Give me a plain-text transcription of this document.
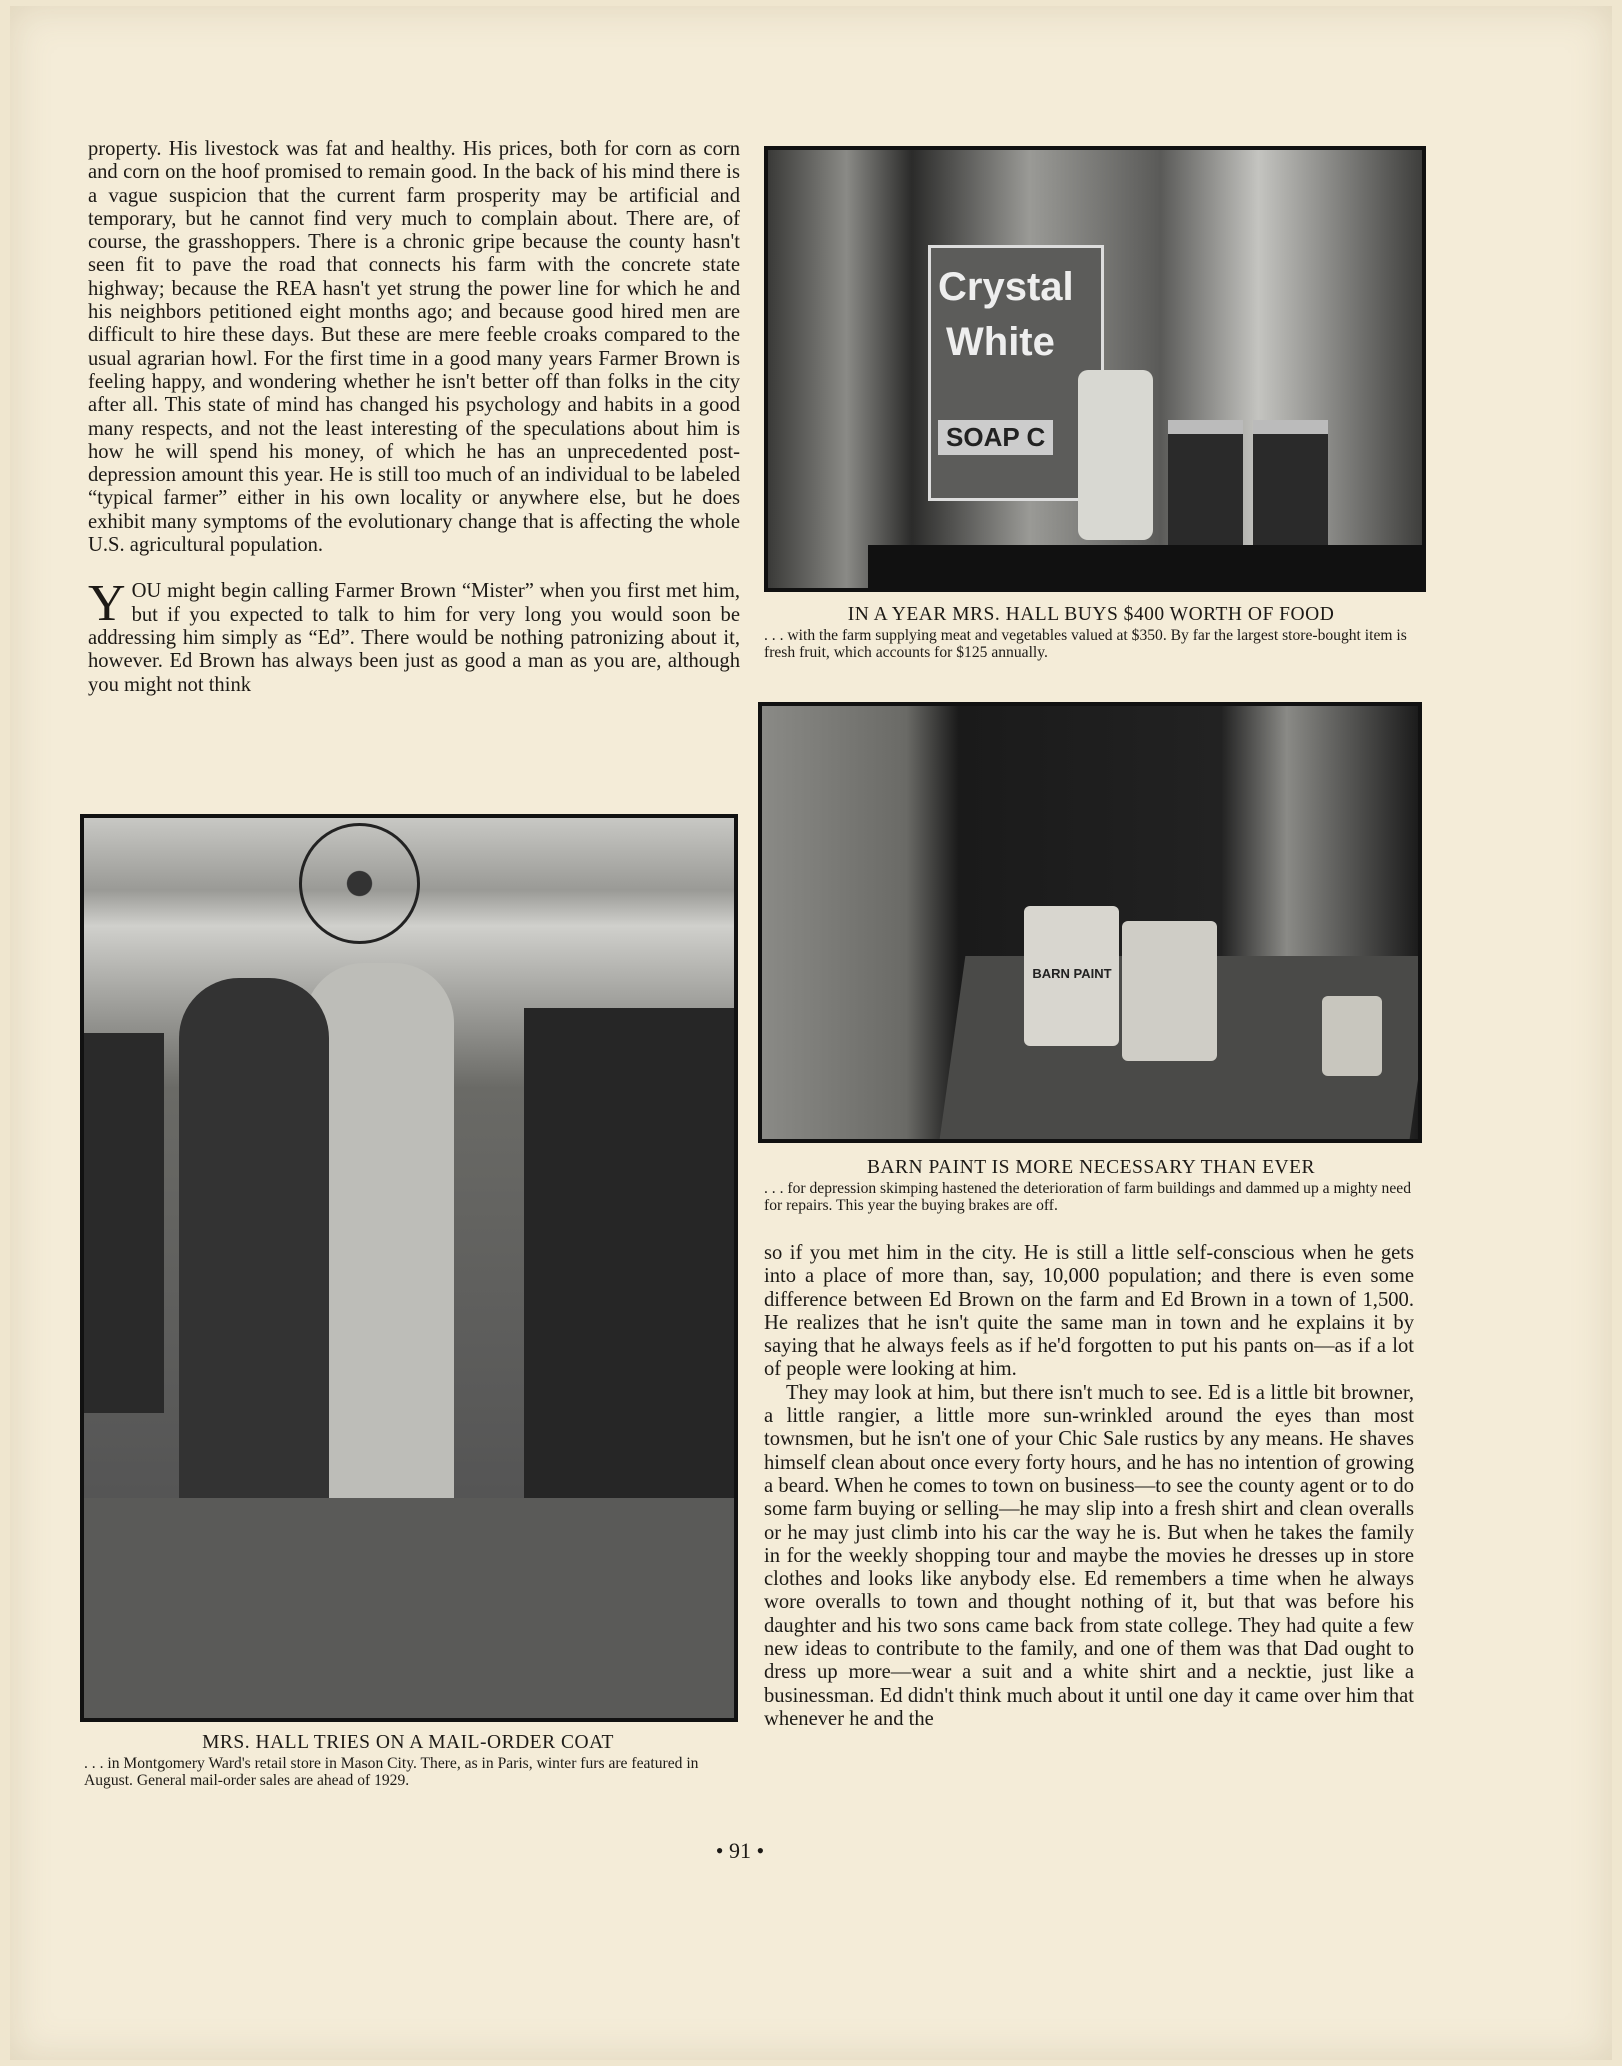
property. His livestock was fat and healthy. His prices, both for corn as corn and corn on the hoof promised to remain good. In the back of his mind there is a vague suspicion that the current farm prosperity may be artificial and temporary, but he cannot find very much to complain about. There are, of course, the grasshoppers. There is a chronic gripe because the county hasn't seen fit to pave the road that connects his farm with the concrete state highway; because the REA hasn't yet strung the power line for which he and his neighbors petitioned eight months ago; and because good hired men are difficult to hire these days. But these are mere feeble croaks compared to the usual agrarian howl. For the first time in a good many years Farmer Brown is feeling happy, and wondering whether he isn't better off than folks in the city after all. This state of mind has changed his psychology and habits in a good many respects, and not the least interesting of the speculations about him is how he will spend his money, of which he has an unprecedented post-depression amount this year. He is still too much of an individual to be labeled “typical farmer” either in his own locality or anywhere else, but he does exhibit many symptoms of the evolutionary change that is affecting the whole U.S. agricultural population.

YOU might begin calling Farmer Brown “Mister” when you first met him, but if you expected to talk to him for very long you would soon be addressing him simply as “Ed”. There would be nothing patronizing about it, however. Ed Brown has always been just as good a man as you are, although you might not think

Crystal
White
SOAP C
IN A YEAR MRS. HALL BUYS $400 WORTH OF FOOD
. . . with the farm supplying meat and vegetables valued at $350. By far the largest store-bought item is fresh fruit, which accounts for $125 annually.
BARN PAINT
BARN PAINT IS MORE NECESSARY THAN EVER
. . . for depression skimping hastened the deterioration of farm buildings and dammed up a mighty need for repairs. This year the buying brakes are off.

so if you met him in the city. He is still a little self-conscious when he gets into a place of more than, say, 10,000 population; and there is even some difference between Ed Brown on the farm and Ed Brown in a town of 1,500. He realizes that he isn't quite the same man in town and he explains it by saying that he always feels as if he'd forgotten to put his pants on—as if a lot of people were looking at him.

They may look at him, but there isn't much to see. Ed is a little bit browner, a little rangier, a little more sun-wrinkled around the eyes than most townsmen, but he isn't one of your Chic Sale rustics by any means. He shaves himself clean about once every forty hours, and he has no intention of growing a beard. When he comes to town on business—to see the county agent or to do some farm buying or selling—he may slip into a fresh shirt and clean overalls or he may just climb into his car the way he is. But when he takes the family in for the weekly shopping tour and maybe the movies he dresses up in store clothes and looks like anybody else. Ed remembers a time when he always wore overalls to town and thought nothing of it, but that was before his daughter and his two sons came back from state college. They had quite a few new ideas to contribute to the family, and one of them was that Dad ought to dress up more—wear a suit and a white shirt and a necktie, just like a businessman. Ed didn't think much about it until one day it came over him that whenever he and the

MRS. HALL TRIES ON A MAIL-ORDER COAT
. . . in Montgomery Ward's retail store in Mason City. There, as in Paris, winter furs are featured in August. General mail-order sales are ahead of 1929.
• 91 •
